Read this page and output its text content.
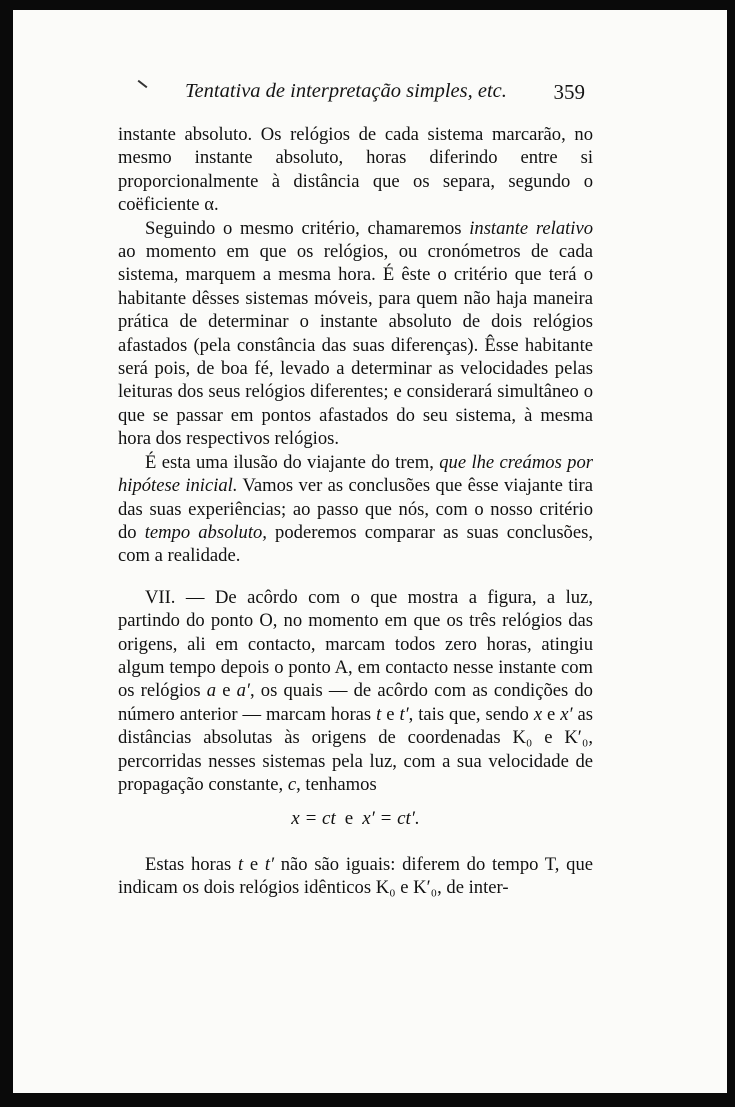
Tentativa de interpretação simples, etc. 359

instante absoluto. Os relógios de cada sistema marcarão, no mesmo instante absoluto, horas diferindo entre si proporcionalmente à distância que os separa, segundo o coëficiente α.

Seguindo o mesmo critério, chamaremos instante relativo ao momento em que os relógios, ou cronómetros de cada sistema, marquem a mesma hora. É êste o critério que terá o habitante dêsses sistemas móveis, para quem não haja maneira prática de determinar o instante absoluto de dois relógios afastados (pela constância das suas diferenças). Êsse habitante será pois, de boa fé, levado a determinar as velocidades pelas leituras dos seus relógios diferentes; e considerará simultâneo o que se passar em pontos afastados do seu sistema, à mesma hora dos respectivos relógios.

É esta uma ilusão do viajante do trem, que lhe creámos por hipótese inicial. Vamos ver as conclusões que êsse viajante tira das suas experiências; ao passo que nós, com o nosso critério do tempo absoluto, poderemos comparar as suas conclusões, com a realidade.

VII. — De acôrdo com o que mostra a figura, a luz, partindo do ponto O, no momento em que os três relógios das origens, ali em contacto, marcam todos zero horas, atingiu algum tempo depois o ponto A, em contacto nesse instante com os relógios a e a′, os quais — de acôrdo com as condições do número anterior — marcam horas t e t′, tais que, sendo x e x′ as distâncias absolutas às origens de coordenadas K₀ e K′₀, percorridas nesses sistemas pela luz, com a sua velocidade de propagação constante, c, tenhamos

x = ct e x′ = ct′.

Estas horas t e t′ não são iguais: diferem do tempo T, que indicam os dois relógios idênticos K₀ e K′₀, de inter-
